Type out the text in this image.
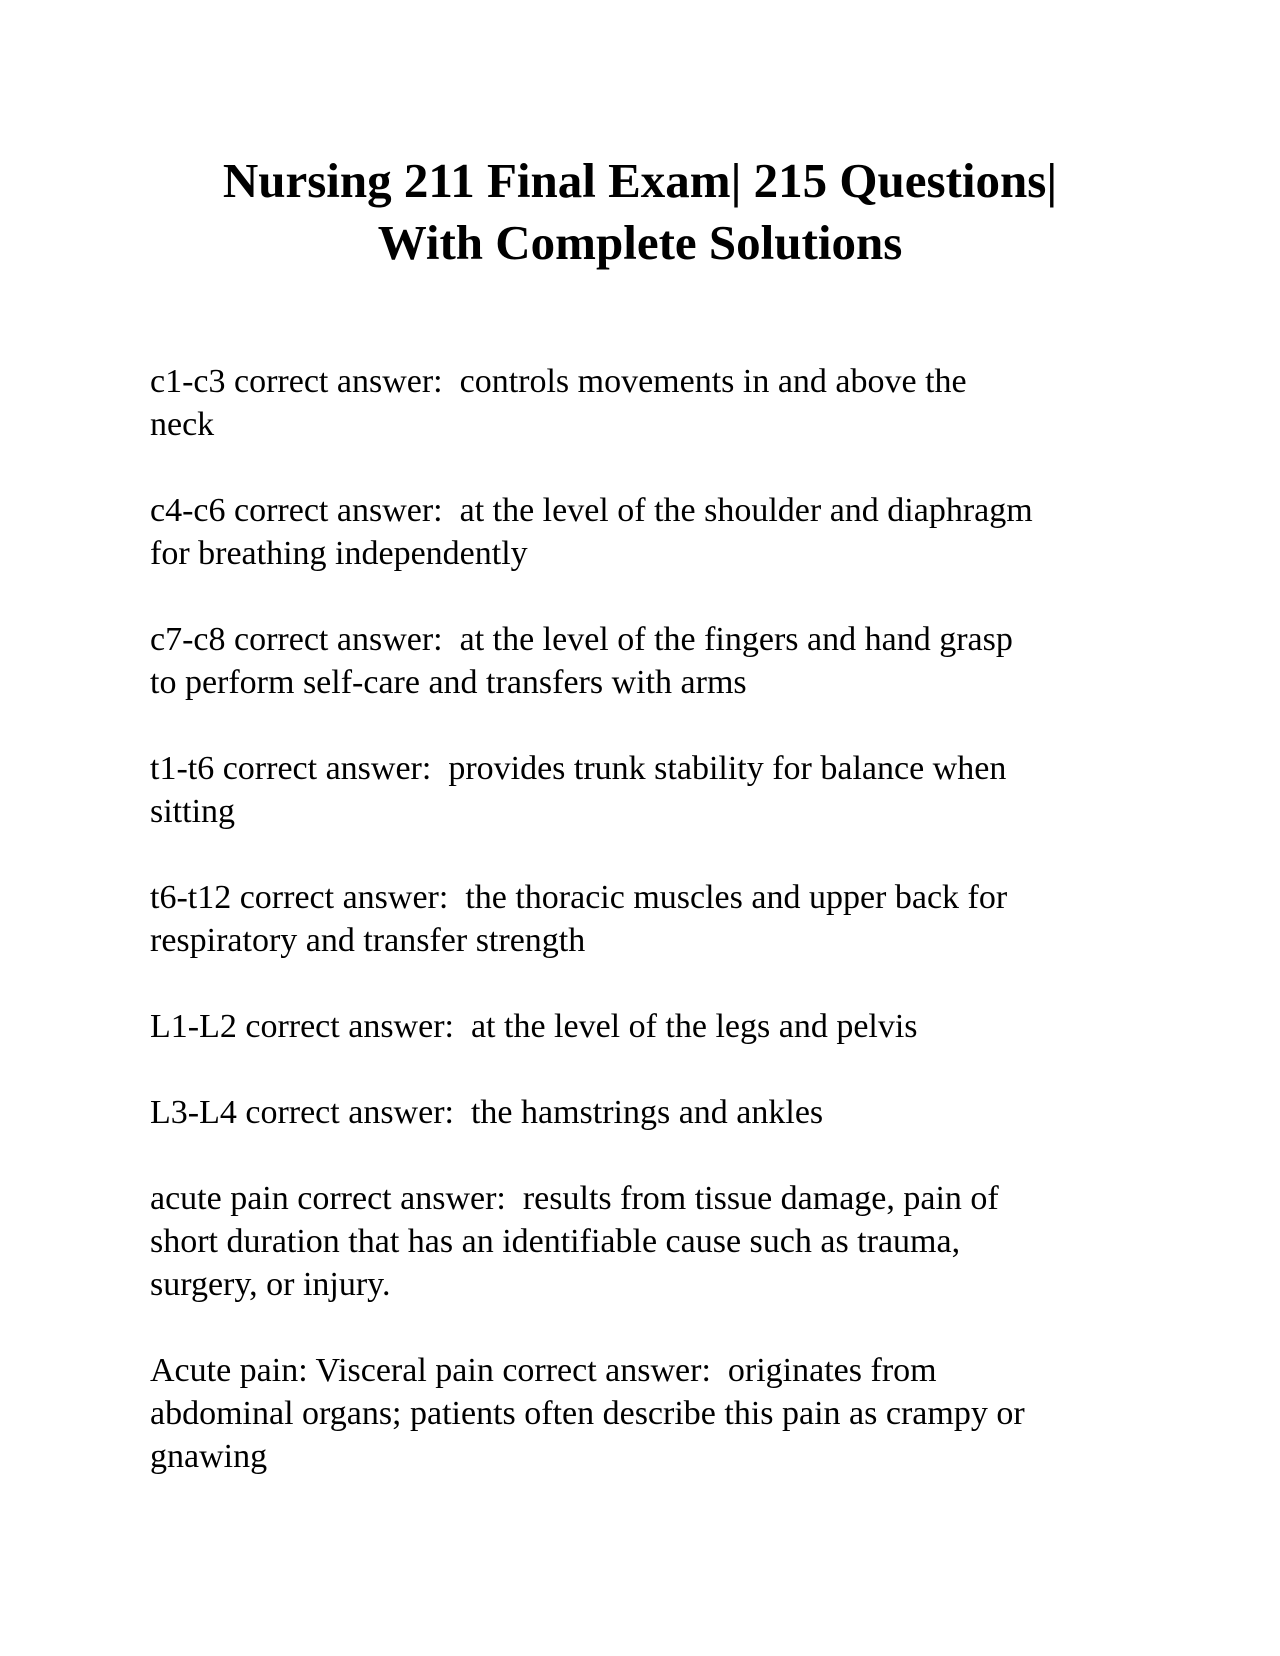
Nursing 211 Final Exam| 215 Questions|
With Complete Solutions
c1-c3 correct answer:  controls movements in and above the
neck
c4-c6 correct answer:  at the level of the shoulder and diaphragm
for breathing independently
c7-c8 correct answer:  at the level of the fingers and hand grasp
to perform self-care and transfers with arms
t1-t6 correct answer:  provides trunk stability for balance when
sitting
t6-t12 correct answer:  the thoracic muscles and upper back for
respiratory and transfer strength
L1-L2 correct answer:  at the level of the legs and pelvis
L3-L4 correct answer:  the hamstrings and ankles
acute pain correct answer:  results from tissue damage, pain of
short duration that has an identifiable cause such as trauma,
surgery, or injury.
Acute pain: Visceral pain correct answer:  originates from
abdominal organs; patients often describe this pain as crampy or
gnawing
